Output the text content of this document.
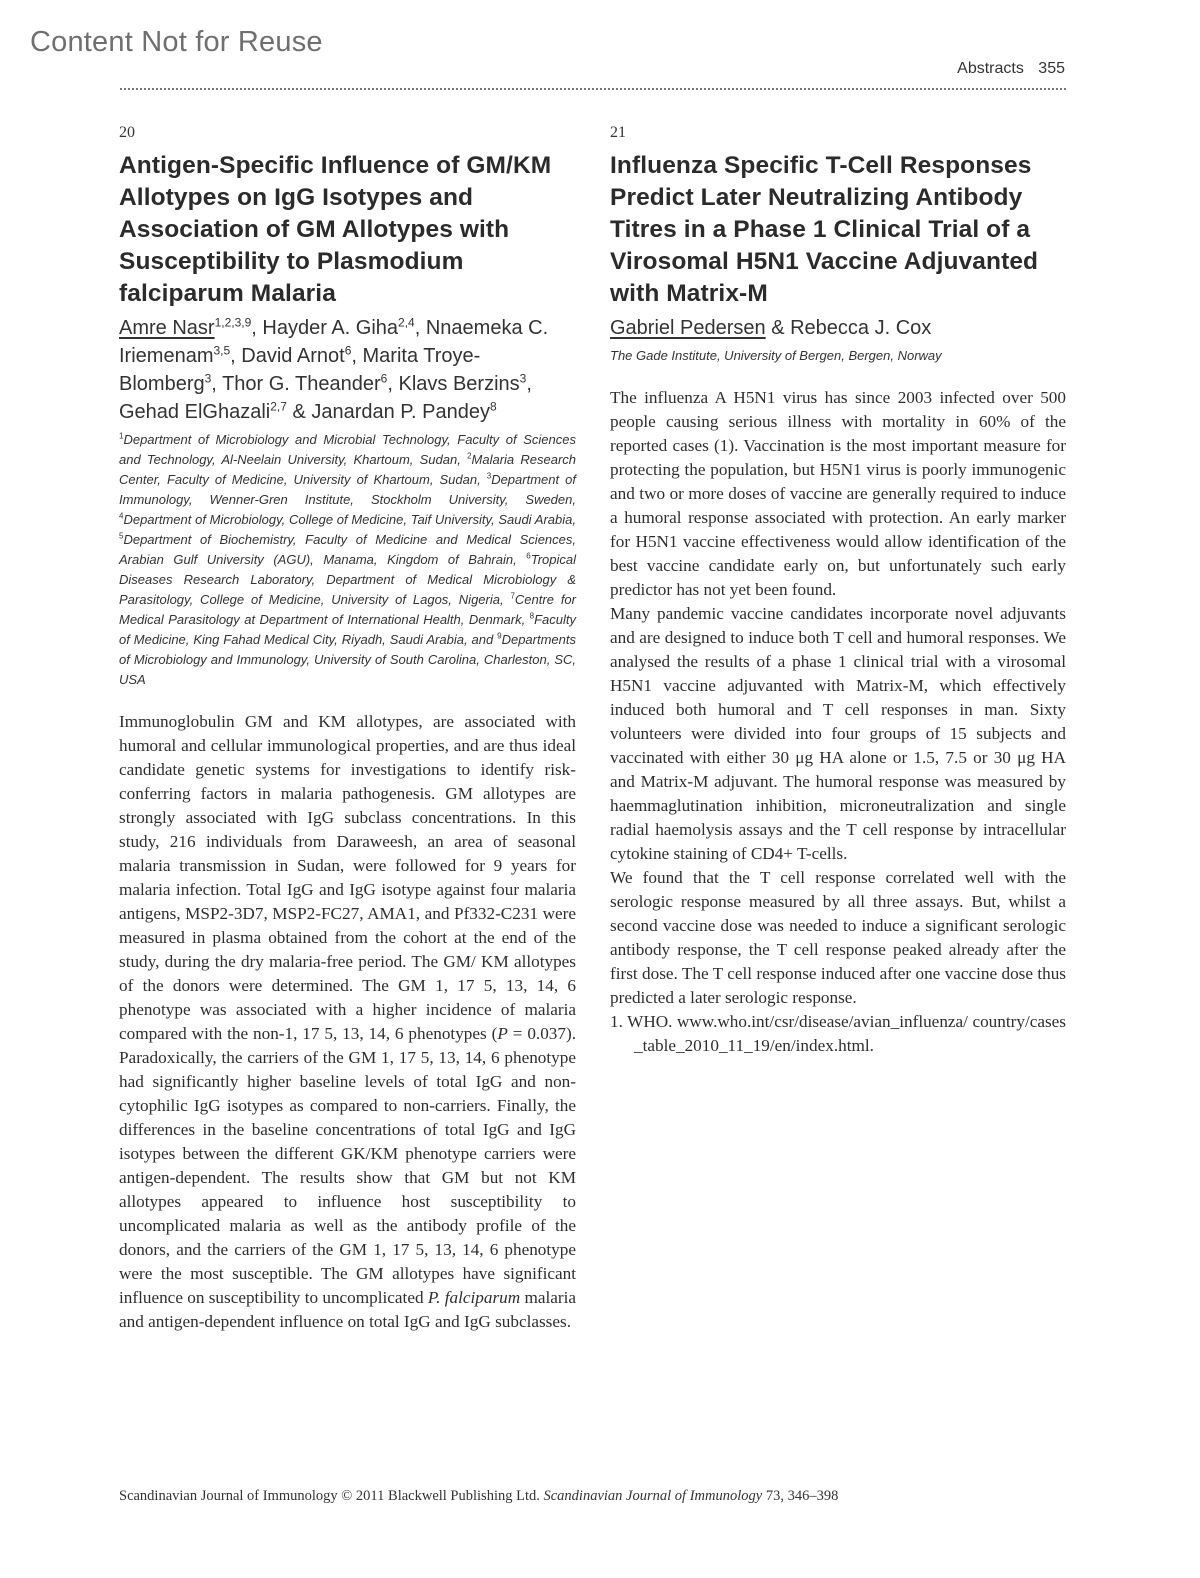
Content Not for Reuse
Abstracts 355
20
Antigen-Specific Influence of GM/KM Allotypes on IgG Isotypes and Association of GM Allotypes with Susceptibility to Plasmodium falciparum Malaria
Amre Nasr$^{1,2,3,9}$, Hayder A. Giha$^{2,4}$, Nnaemeka C. Iriemenam$^{3,5}$, David Arnot$^6$, Marita Troye-Blomberg$^3$, Thor G. Theander$^6$, Klavs Berzins$^3$, Gehad ElGhazali$^{2,7}$ & Janardan P. Pandey$^8$
$^1$Department of Microbiology and Microbial Technology, Faculty of Sciences and Technology, Al-Neelain University, Khartoum, Sudan, $^2$Malaria Research Center, Faculty of Medicine, University of Khartoum, Sudan, $^3$Department of Immunology, Wenner-Gren Institute, Stockholm University, Sweden, $^4$Department of Microbiology, College of Medicine, Taif University, Saudi Arabia, $^5$Department of Biochemistry, Faculty of Medicine and Medical Sciences, Arabian Gulf University (AGU), Manama, Kingdom of Bahrain, $^6$Tropical Diseases Research Laboratory, Department of Medical Microbiology & Parasitology, College of Medicine, University of Lagos, Nigeria, $^7$Centre for Medical Parasitology at Department of International Health, Denmark, $^8$Faculty of Medicine, King Fahad Medical City, Riyadh, Saudi Arabia, and $^9$Departments of Microbiology and Immunology, University of South Carolina, Charleston, SC, USA

Immunoglobulin GM and KM allotypes, are associated with humoral and cellular immunological properties, and are thus ideal candidate genetic systems for investigations to identify risk-conferring factors in malaria pathogenesis. GM allotypes are strongly associated with IgG subclass concentrations. In this study, 216 individuals from Daraweesh, an area of seasonal malaria transmission in Sudan, were followed for 9 years for malaria infection. Total IgG and IgG isotype against four malaria antigens, MSP2-3D7, MSP2-FC27, AMA1, and Pf332-C231 were measured in plasma obtained from the cohort at the end of the study, during the dry malaria-free period. The GM/ KM allotypes of the donors were determined. The GM 1, 17 5, 13, 14, 6 phenotype was associated with a higher incidence of malaria compared with the non-1, 17 5, 13, 14, 6 phenotypes (P = 0.037). Paradoxically, the carriers of the GM 1, 17 5, 13, 14, 6 phenotype had significantly higher baseline levels of total IgG and non-cytophilic IgG isotypes as compared to non-carriers. Finally, the differences in the baseline concentrations of total IgG and IgG isotypes between the different GK/KM phenotype carriers were antigen-dependent. The results show that GM but not KM allotypes appeared to influence host susceptibility to uncomplicated malaria as well as the antibody profile of the donors, and the carriers of the GM 1, 17 5, 13, 14, 6 phenotype were the most susceptible. The GM allotypes have significant influence on susceptibility to uncomplicated P. falciparum malaria and antigen-dependent influence on total IgG and IgG subclasses.

21
Influenza Specific T-Cell Responses Predict Later Neutralizing Antibody Titres in a Phase 1 Clinical Trial of a Virosomal H5N1 Vaccine Adjuvanted with Matrix-M
Gabriel Pedersen & Rebecca J. Cox
The Gade Institute, University of Bergen, Bergen, Norway

The influenza A H5N1 virus has since 2003 infected over 500 people causing serious illness with mortality in 60% of the reported cases (1). Vaccination is the most important measure for protecting the population, but H5N1 virus is poorly immunogenic and two or more doses of vaccine are generally required to induce a humoral response associated with protection. An early marker for H5N1 vaccine effectiveness would allow identification of the best vaccine candidate early on, but unfortunately such early predictor has not yet been found.

Many pandemic vaccine candidates incorporate novel adjuvants and are designed to induce both T cell and humoral responses. We analysed the results of a phase 1 clinical trial with a virosomal H5N1 vaccine adjuvanted with Matrix-M, which effectively induced both humoral and T cell responses in man. Sixty volunteers were divided into four groups of 15 subjects and vaccinated with either 30 μg HA alone or 1.5, 7.5 or 30 μg HA and Matrix-M adjuvant. The humoral response was measured by haemmaglutination inhibition, microneutralization and single radial haemolysis assays and the T cell response by intracellular cytokine staining of CD4+ T-cells.

We found that the T cell response correlated well with the serologic response measured by all three assays. But, whilst a second vaccine dose was needed to induce a significant serologic antibody response, the T cell response peaked already after the first dose. The T cell response induced after one vaccine dose thus predicted a later serologic response.

1. WHO. www.who.int/csr/disease/avian_influenza/ country/cases_table_2010_11_19/en/index.html.

Scandinavian Journal of Immunology © 2011 Blackwell Publishing Ltd. Scandinavian Journal of Immunology 73, 346–398
